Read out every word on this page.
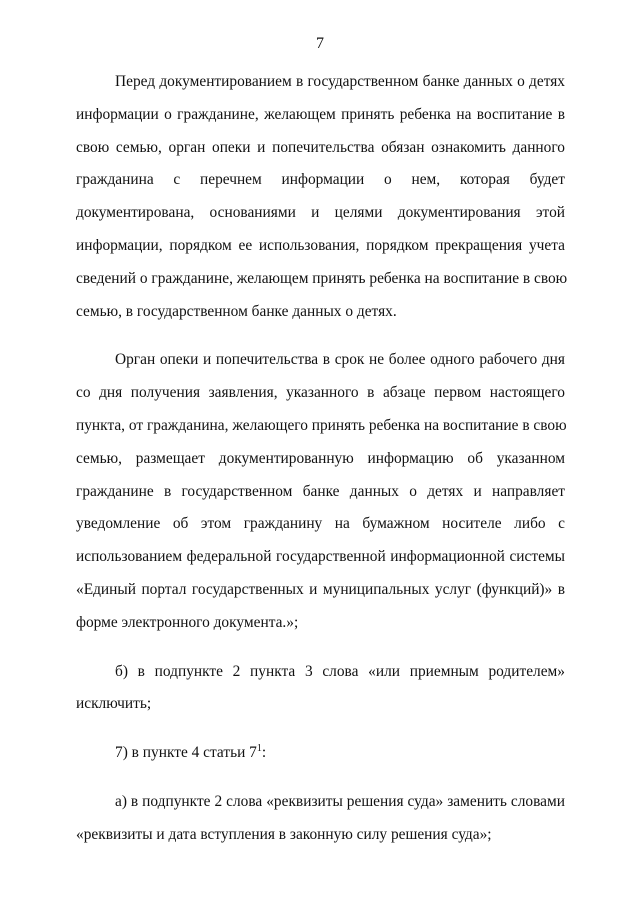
7

Перед документированием в государственном банке данных о детях
информации о гражданине, желающем принять ребенка на воспитание в
свою семью, орган опеки и попечительства обязан ознакомить данного
гражданина с перечнем информации о нем, которая будет
документирована, основаниями и целями документирования этой
информации, порядком ее использования, порядком прекращения учета
сведений о гражданине, желающем принять ребенка на воспитание в свою
семью, в государственном банке данных о детях.

Орган опеки и попечительства в срок не более одного рабочего дня
со дня получения заявления, указанного в абзаце первом настоящего
пункта, от гражданина, желающего принять ребенка на воспитание в свою
семью, размещает документированную информацию об указанном
гражданине в государственном банке данных о детях и направляет
уведомление об этом гражданину на бумажном носителе либо с
использованием федеральной государственной информационной системы
«Единый портал государственных и муниципальных услуг (функций)» в
форме электронного документа.»;

б) в подпункте 2 пункта 3 слова «или приемным родителем»
исключить;

7) в пункте 4 статьи $7^1$:

а) в подпункте 2 слова «реквизиты решения суда» заменить словами
«реквизиты и дата вступления в законную силу решения суда»;
